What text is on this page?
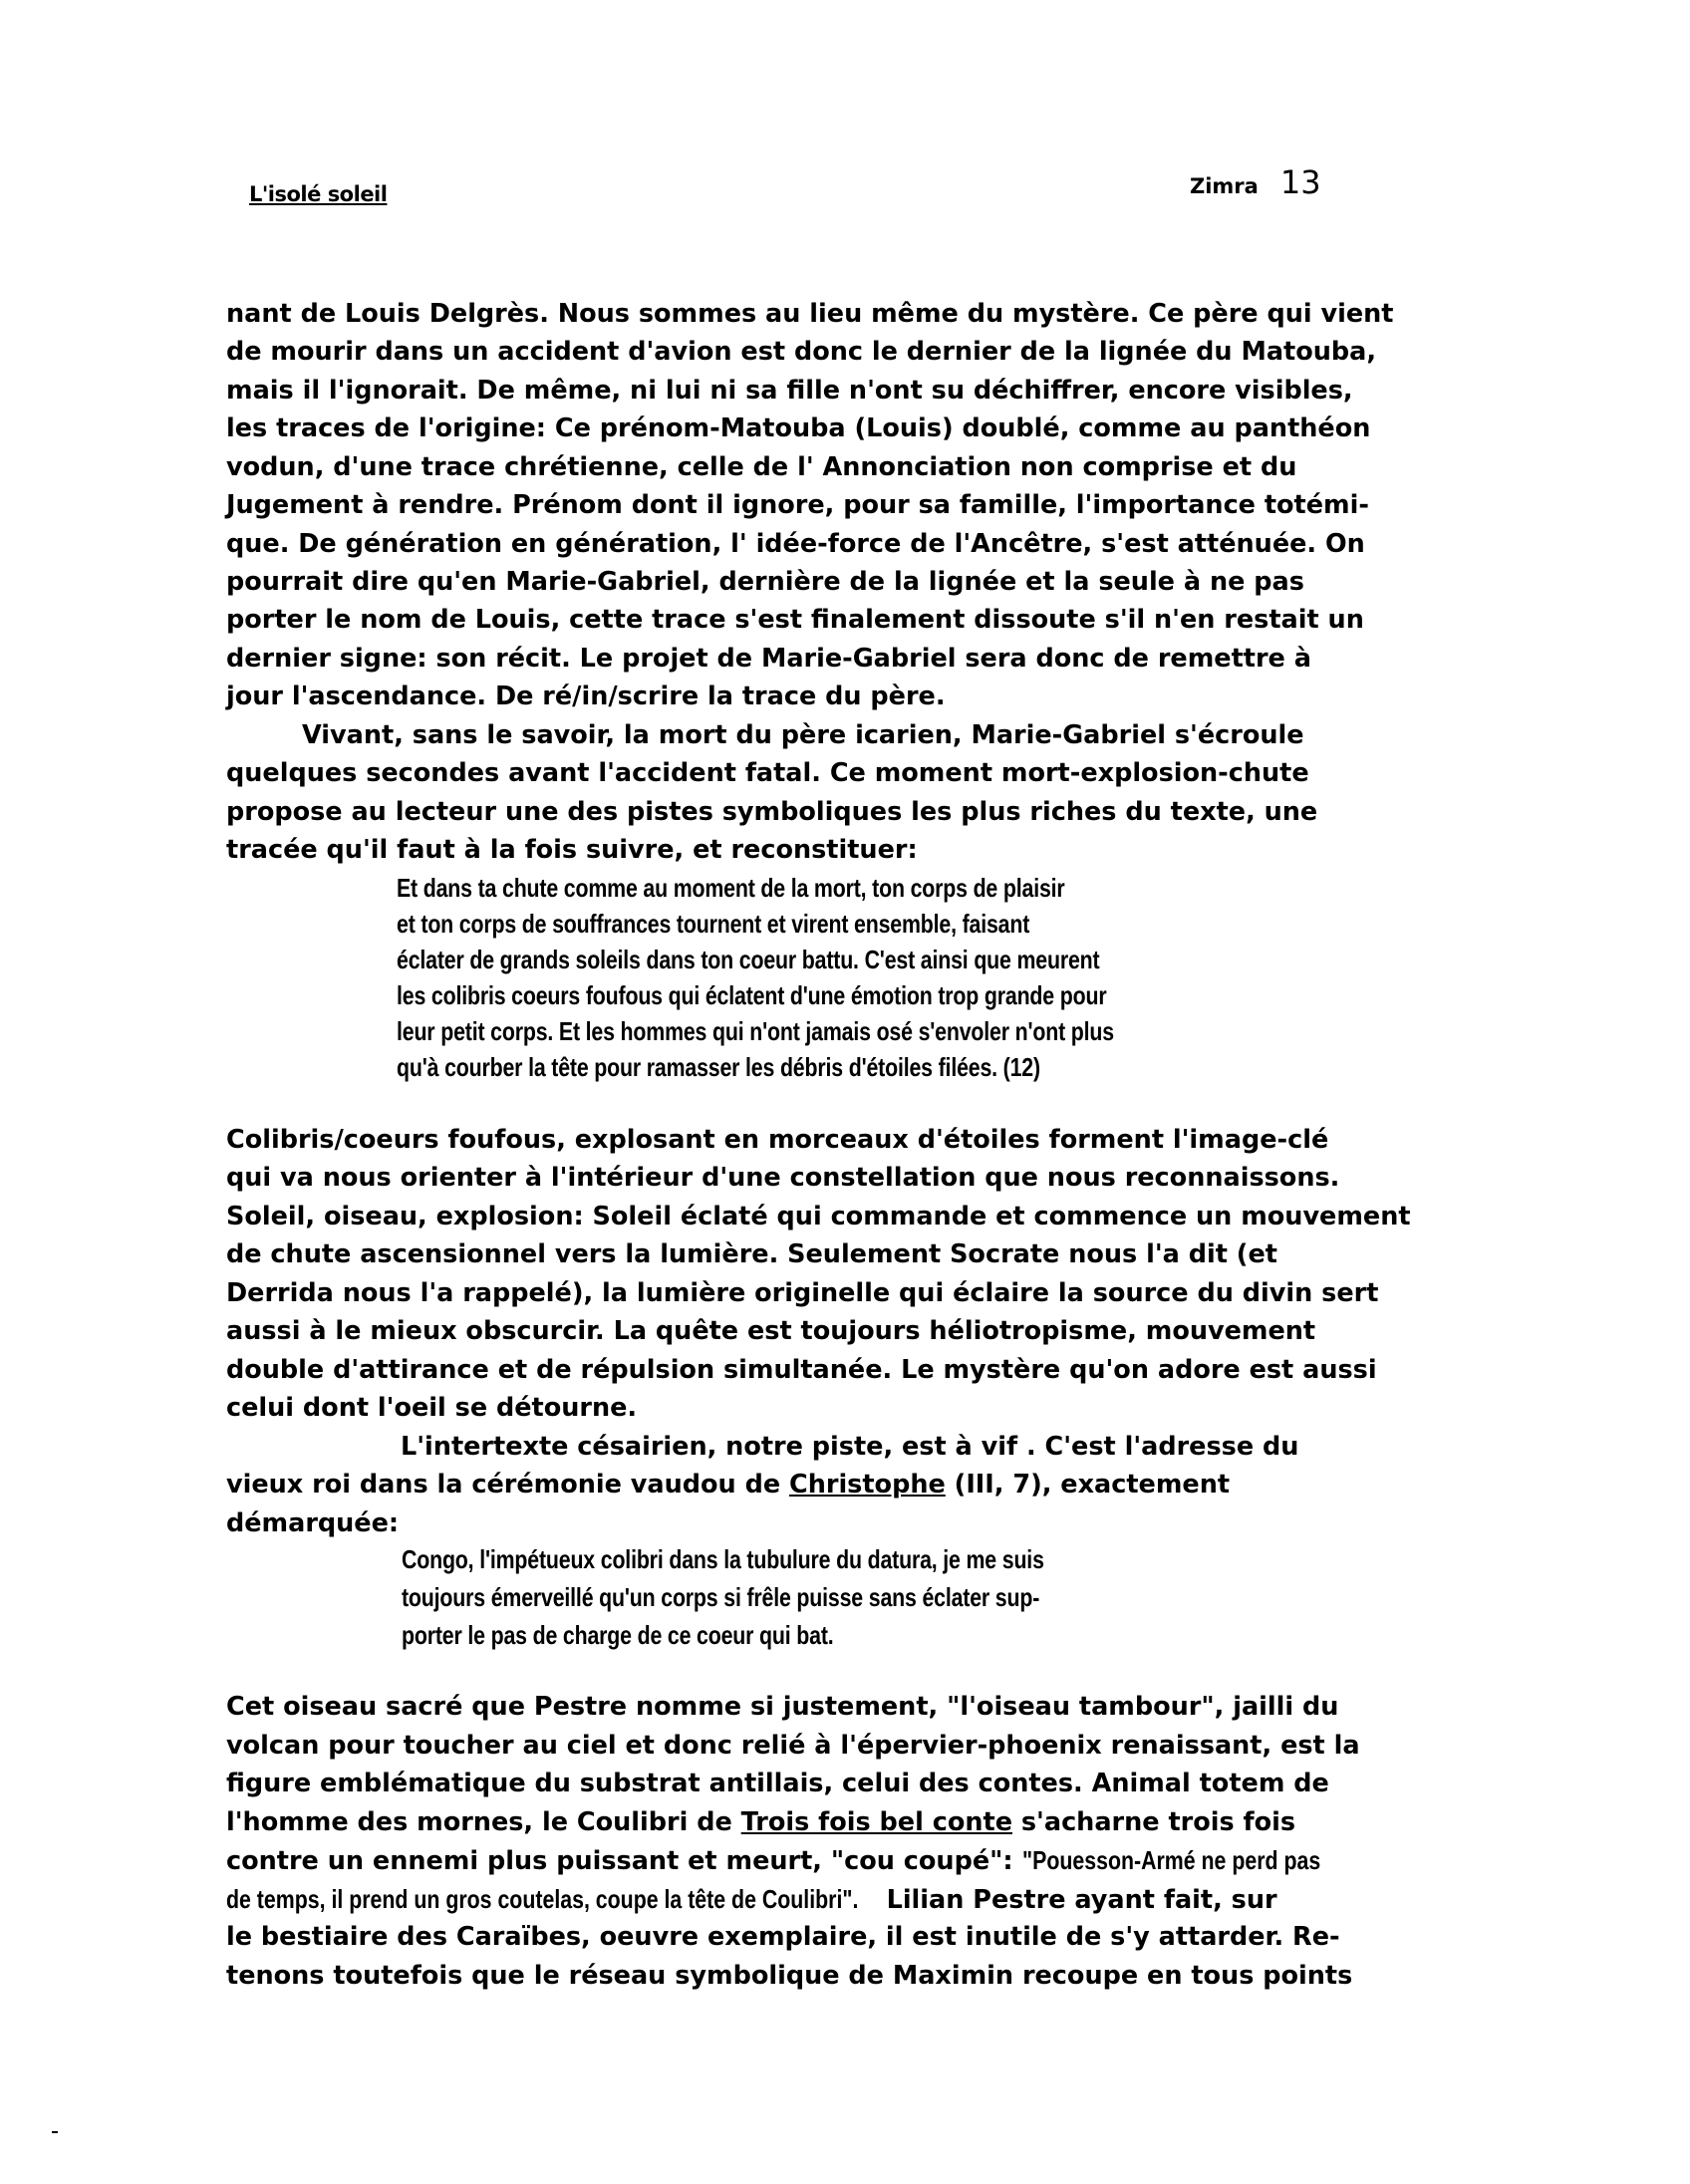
L'isolé soleil	Zimra 13
nant de Louis Delgrès. Nous sommes au lieu même du mystère. Ce père qui vient
de mourir dans un accident d'avion est donc le dernier de la lignée du Matouba,
mais il l'ignorait. De même, ni lui ni sa fille n'ont su déchiffrer, encore visibles,
les traces de l'origine: Ce prénom-Matouba (Louis) doublé, comme au panthéon
vodun, d'une trace chrétienne, celle de l' Annonciation non comprise et du
Jugement à rendre. Prénom dont il ignore, pour sa famille, l'importance totémi-
que. De génération en génération, l' idée-force de l'Ancêtre, s'est atténuée. On
pourrait dire qu'en Marie-Gabriel, dernière de la lignée et la seule à ne pas
porter le nom de Louis, cette trace s'est finalement dissoute s'il n'en restait un
dernier signe: son récit. Le projet de Marie-Gabriel sera donc de remettre à
jour l'ascendance. De ré/in/scrire la trace du père.
Vivant, sans le savoir, la mort du père icarien, Marie-Gabriel s'écroule
quelques secondes avant l'accident fatal. Ce moment mort-explosion-chute
propose au lecteur une des pistes symboliques les plus riches du texte, une
tracée qu'il faut à la fois suivre, et reconstituer:
Et dans ta chute comme au moment de la mort, ton corps de plaisir
et ton corps de souffrances tournent et virent ensemble, faisant
éclater de grands soleils dans ton coeur battu. C'est ainsi que meurent
les colibris coeurs foufous qui éclatent d'une émotion trop grande pour
leur petit corps. Et les hommes qui n'ont jamais osé s'envoler n'ont plus
qu'à courber la tête pour ramasser les débris d'étoiles filées. (12)
Colibris/coeurs foufous, explosant en morceaux d'étoiles forment l'image-clé
qui va nous orienter à l'intérieur d'une constellation que nous reconnaissons.
Soleil, oiseau, explosion: Soleil éclaté qui commande et commence un mouvement
de chute ascensionnel vers la lumière. Seulement Socrate nous l'a dit (et
Derrida nous l'a rappelé), la lumière originelle qui éclaire la source du divin sert
aussi à le mieux obscurcir. La quête est toujours héliotropisme, mouvement
double d'attirance et de répulsion simultanée. Le mystère qu'on adore est aussi
celui dont l'oeil se détourne.
L'intertexte césairien, notre piste, est à vif . C'est l'adresse du
vieux roi dans la cérémonie vaudou de Christophe (III, 7), exactement
démarquée:
Congo, l'impétueux colibri dans la tubulure du datura, je me suis
toujours émerveillé qu'un corps si frêle puisse sans éclater sup-
porter le pas de charge de ce coeur qui bat.
Cet oiseau sacré que Pestre nomme si justement, "l'oiseau tambour", jailli du
volcan pour toucher au ciel et donc relié à l'épervier-phoenix renaissant, est la
figure emblématique du substrat antillais, celui des contes. Animal totem de
l'homme des mornes, le Coulibri de Trois fois bel conte s'acharne trois fois
contre un ennemi plus puissant et meurt, "cou coupé": "Pouesson-Armé ne perd pas
de temps, il prend un gros coutelas, coupe la tête de Coulibri". Lilian Pestre ayant fait, sur
le bestiaire des Caraïbes, oeuvre exemplaire, il est inutile de s'y attarder. Re-
tenons toutefois que le réseau symbolique de Maximin recoupe en tous points
